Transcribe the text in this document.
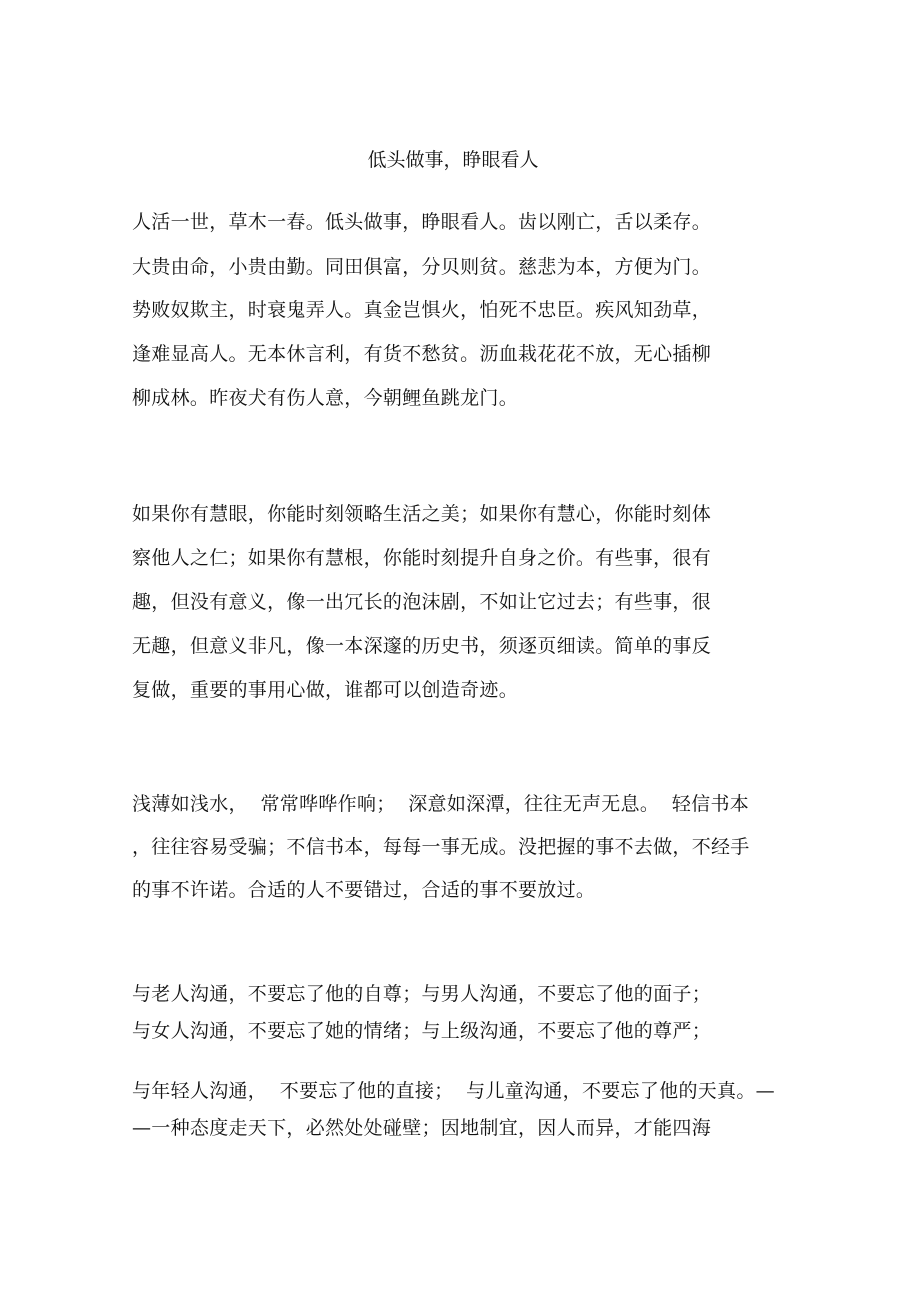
低头做事，睁眼看人
人活一世，草木一春。低头做事，睁眼看人。齿以刚亡，舌以柔存。
大贵由命，小贵由勤。同田俱富，分贝则贫。慈悲为本，方便为门。
势败奴欺主，时衰鬼弄人。真金岂惧火，怕死不忠臣。疾风知劲草，
逢难显高人。无本休言利，有货不愁贫。沥血栽花花不放，无心插柳
柳成林。昨夜犬有伤人意，今朝鲤鱼跳龙门。
如果你有慧眼，你能时刻领略生活之美；如果你有慧心，你能时刻体
察他人之仁；如果你有慧根，你能时刻提升自身之价。有些事，很有
趣，但没有意义，像一出冗长的泡沫剧，不如让它过去；有些事，很
无趣，但意义非凡，像一本深邃的历史书，须逐页细读。简单的事反
复做，重要的事用心做，谁都可以创造奇迹。
浅薄如浅水，  常常哗哗作响；  深意如深潭，往往无声无息。  轻信书本
，往往容易受骗；不信书本，每每一事无成。没把握的事不去做，不经手
的事不许诺。合适的人不要错过，合适的事不要放过。
与老人沟通，不要忘了他的自尊；与男人沟通，不要忘了他的面子；
与女人沟通，不要忘了她的情绪；与上级沟通，不要忘了他的尊严；
与年轻人沟通，  不要忘了他的直接；  与儿童沟通，不要忘了他的天真。—
—一种态度走天下，必然处处碰壁；因地制宜，因人而异，才能四海
